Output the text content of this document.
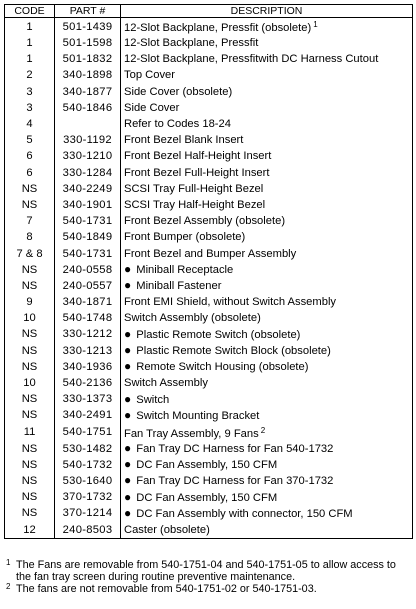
CODE	PART #	DESCRIPTION
1	501-1439	12-Slot Backplane, Pressfit (obsolete) $^1$
1	501-1598	12-Slot Backplane, Pressfit
1	501-1832	12-Slot Backplane, Pressfitwith DC Harness Cutout
2	340-1898	Top Cover
3	340-1877	Side Cover (obsolete)
3	540-1846	Side Cover
4		Refer to Codes 18-24
5	330-1192	Front Bezel Blank Insert
6	330-1210	Front Bezel Half-Height Insert
6	330-1284	Front Bezel Full-Height Insert
NS	340-2249	SCSI Tray Full-Height Bezel
NS	340-1901	SCSI Tray Half-Height Bezel
7	540-1731	Front Bezel Assembly (obsolete)
8	540-1849	Front Bumper (obsolete)
7 & 8	540-1731	Front Bezel and Bumper Assembly
NS	240-0558	● Miniball Receptacle
NS	240-0557	● Miniball Fastener
9	340-1871	Front EMI Shield, without Switch Assembly
10	540-1748	Switch Assembly (obsolete)
NS	330-1212	● Plastic Remote Switch (obsolete)
NS	330-1213	● Plastic Remote Switch Block (obsolete)
NS	340-1936	● Remote Switch Housing (obsolete)
10	540-2136	Switch Assembly
NS	330-1373	● Switch
NS	340-2491	● Switch Mounting Bracket
11	540-1751	Fan Tray Assembly, 9 Fans $^2$
NS	530-1482	● Fan Tray DC Harness for Fan 540-1732
NS	540-1732	● DC Fan Assembly, 150 CFM
NS	530-1640	● Fan Tray DC Harness for Fan 370-1732
NS	370-1732	● DC Fan Assembly, 150 CFM
NS	370-1214	● DC Fan Assembly with connector, 150 CFM
12	240-8503	Caster (obsolete)
1 The Fans are removable from 540-1751-04 and 540-1751-05 to allow access to the fan tray screen during routine preventive maintenance.
2 The fans are not removable from 540-1751-02 or 540-1751-03.
